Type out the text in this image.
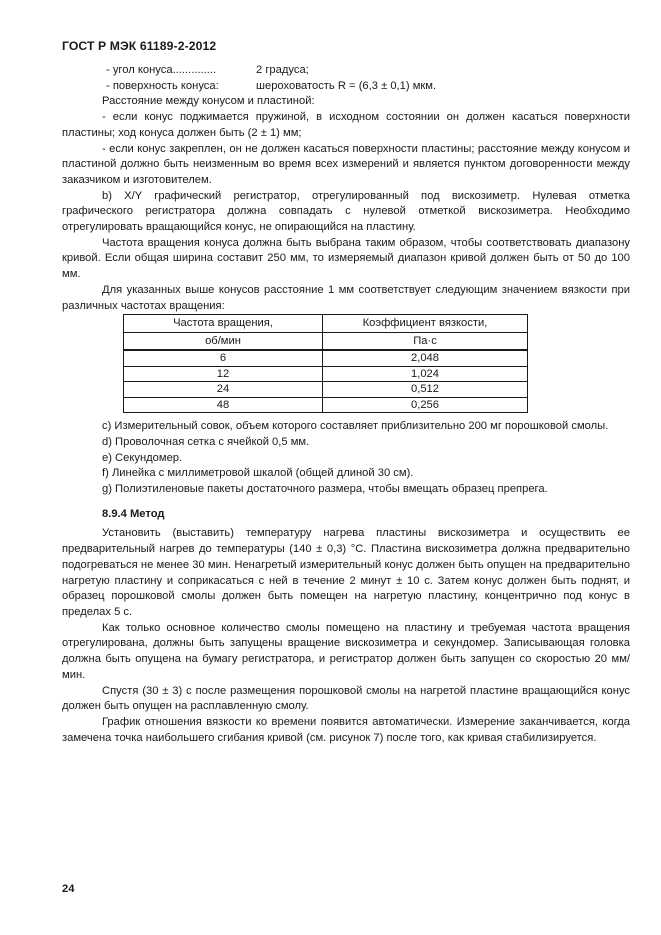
ГОСТ Р МЭК 61189-2-2012
- угол конуса..............	2 градуса;
- поверхность конуса:	шероховатость R = (6,3 ± 0,1) мкм.

Расстояние между конусом и пластиной:

- если конус поджимается пружиной, в исходном состоянии он должен касаться поверхности пластины; ход конуса должен быть (2 ± 1) мм;

- если конус закреплен, он не должен касаться поверхности пластины; расстояние между конусом и пластиной должно быть неизменным во время всех измерений и является пунктом договоренности между заказчиком и изготовителем.

b) X/Y графический регистратор, отрегулированный под вискозиметр. Нулевая отметка графического регистратора должна совпадать с нулевой отметкой вискозиметра. Необходимо отрегулировать вращающийся конус, не опирающийся на пластину.

Частота вращения конуса должна быть выбрана таким образом, чтобы соответствовать диапазону кривой. Если общая ширина составит 250 мм, то измеряемый диапазон кривой должен быть от 50 до 100 мм.

Для указанных выше конусов расстояние 1 мм соответствует следующим значением вязкости при различных частотах вращения:

Частота вращения,	Коэффициент вязкости,
об/мин	Па·с
6	2,048
12	1,024
24	0,512
48	0,256

c) Измерительный совок, объем которого составляет приблизительно 200 мг порошковой смолы.

d) Проволочная сетка с ячейкой 0,5 мм.

e) Секундомер.

f) Линейка с миллиметровой шкалой (общей длиной 30 см).

g) Полиэтиленовые пакеты достаточного размера, чтобы вмещать образец препрега.

8.9.4 Метод

Установить (выставить) температуру нагрева пластины вискозиметра и осуществить ее предварительный нагрев до температуры (140 ± 0,3) °С. Пластина вискозиметра должна предварительно подогреваться не менее 30 мин. Ненагретый измерительный конус должен быть опущен на предварительно нагретую пластину и соприкасаться с ней в течение 2 минут ± 10 с. Затем конус должен быть поднят, и образец порошковой смолы должен быть помещен на нагретую пластину, концентрично под конус в пределах 5 с.

Как только основное количество смолы помещено на пластину и требуемая частота вращения отрегулирована, должны быть запущены вращение вискозиметра и секундомер. Записывающая головка должна быть опущена на бумагу регистратора, и регистратор должен быть запущен со скоростью 20 мм/мин.

Спустя (30 ± 3) с после размещения порошковой смолы на нагретой пластине вращающийся конус должен быть опущен на расплавленную смолу.

График отношения вязкости ко времени появится автоматически. Измерение заканчивается, когда замечена точка наибольшего сгибания кривой (см. рисунок 7) после того, как кривая стабилизируется.

24
